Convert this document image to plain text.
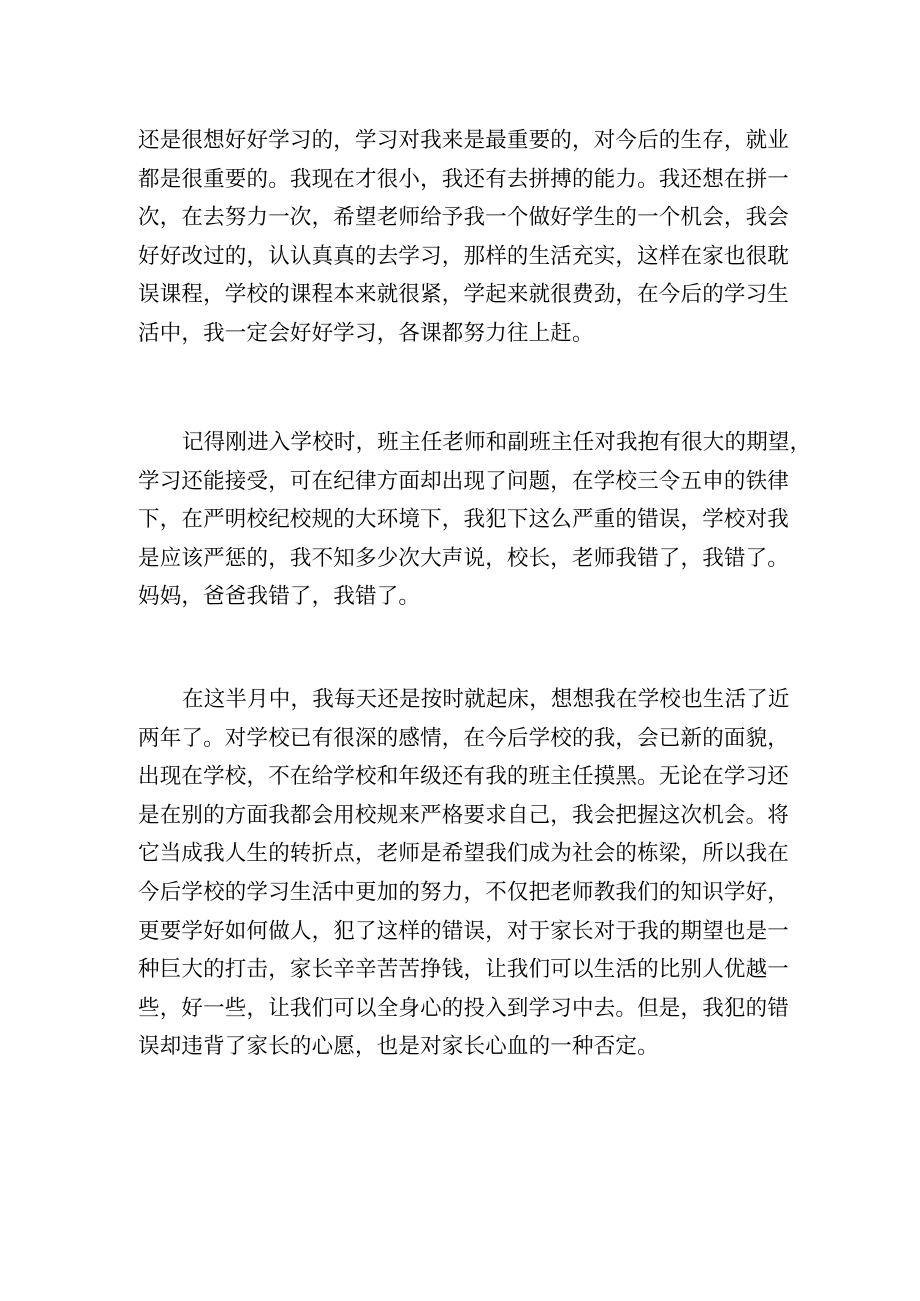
还是很想好好学习的，学习对我来是最重要的，对今后的生存，就业
都是很重要的。我现在才很小，我还有去拼搏的能力。我还想在拼一
次，在去努力一次，希望老师给予我一个做好学生的一个机会，我会
好好改过的，认认真真的去学习，那样的生活充实，这样在家也很耽
误课程，学校的课程本来就很紧，学起来就很费劲，在今后的学习生
活中，我一定会好好学习，各课都努力往上赶。
记得刚进入学校时，班主任老师和副班主任对我抱有很大的期望，
学习还能接受，可在纪律方面却出现了问题，在学校三令五申的铁律
下，在严明校纪校规的大环境下，我犯下这么严重的错误，学校对我
是应该严惩的，我不知多少次大声说，校长，老师我错了，我错了。
妈妈，爸爸我错了，我错了。
在这半月中，我每天还是按时就起床，想想我在学校也生活了近
两年了。对学校已有很深的感情，在今后学校的我，会已新的面貌，
出现在学校，不在给学校和年级还有我的班主任摸黑。无论在学习还
是在别的方面我都会用校规来严格要求自己，我会把握这次机会。将
它当成我人生的转折点，老师是希望我们成为社会的栋梁，所以我在
今后学校的学习生活中更加的努力，不仅把老师教我们的知识学好，
更要学好如何做人，犯了这样的错误，对于家长对于我的期望也是一
种巨大的打击，家长辛辛苦苦挣钱，让我们可以生活的比别人优越一
些，好一些，让我们可以全身心的投入到学习中去。但是，我犯的错
误却违背了家长的心愿，也是对家长心血的一种否定。
